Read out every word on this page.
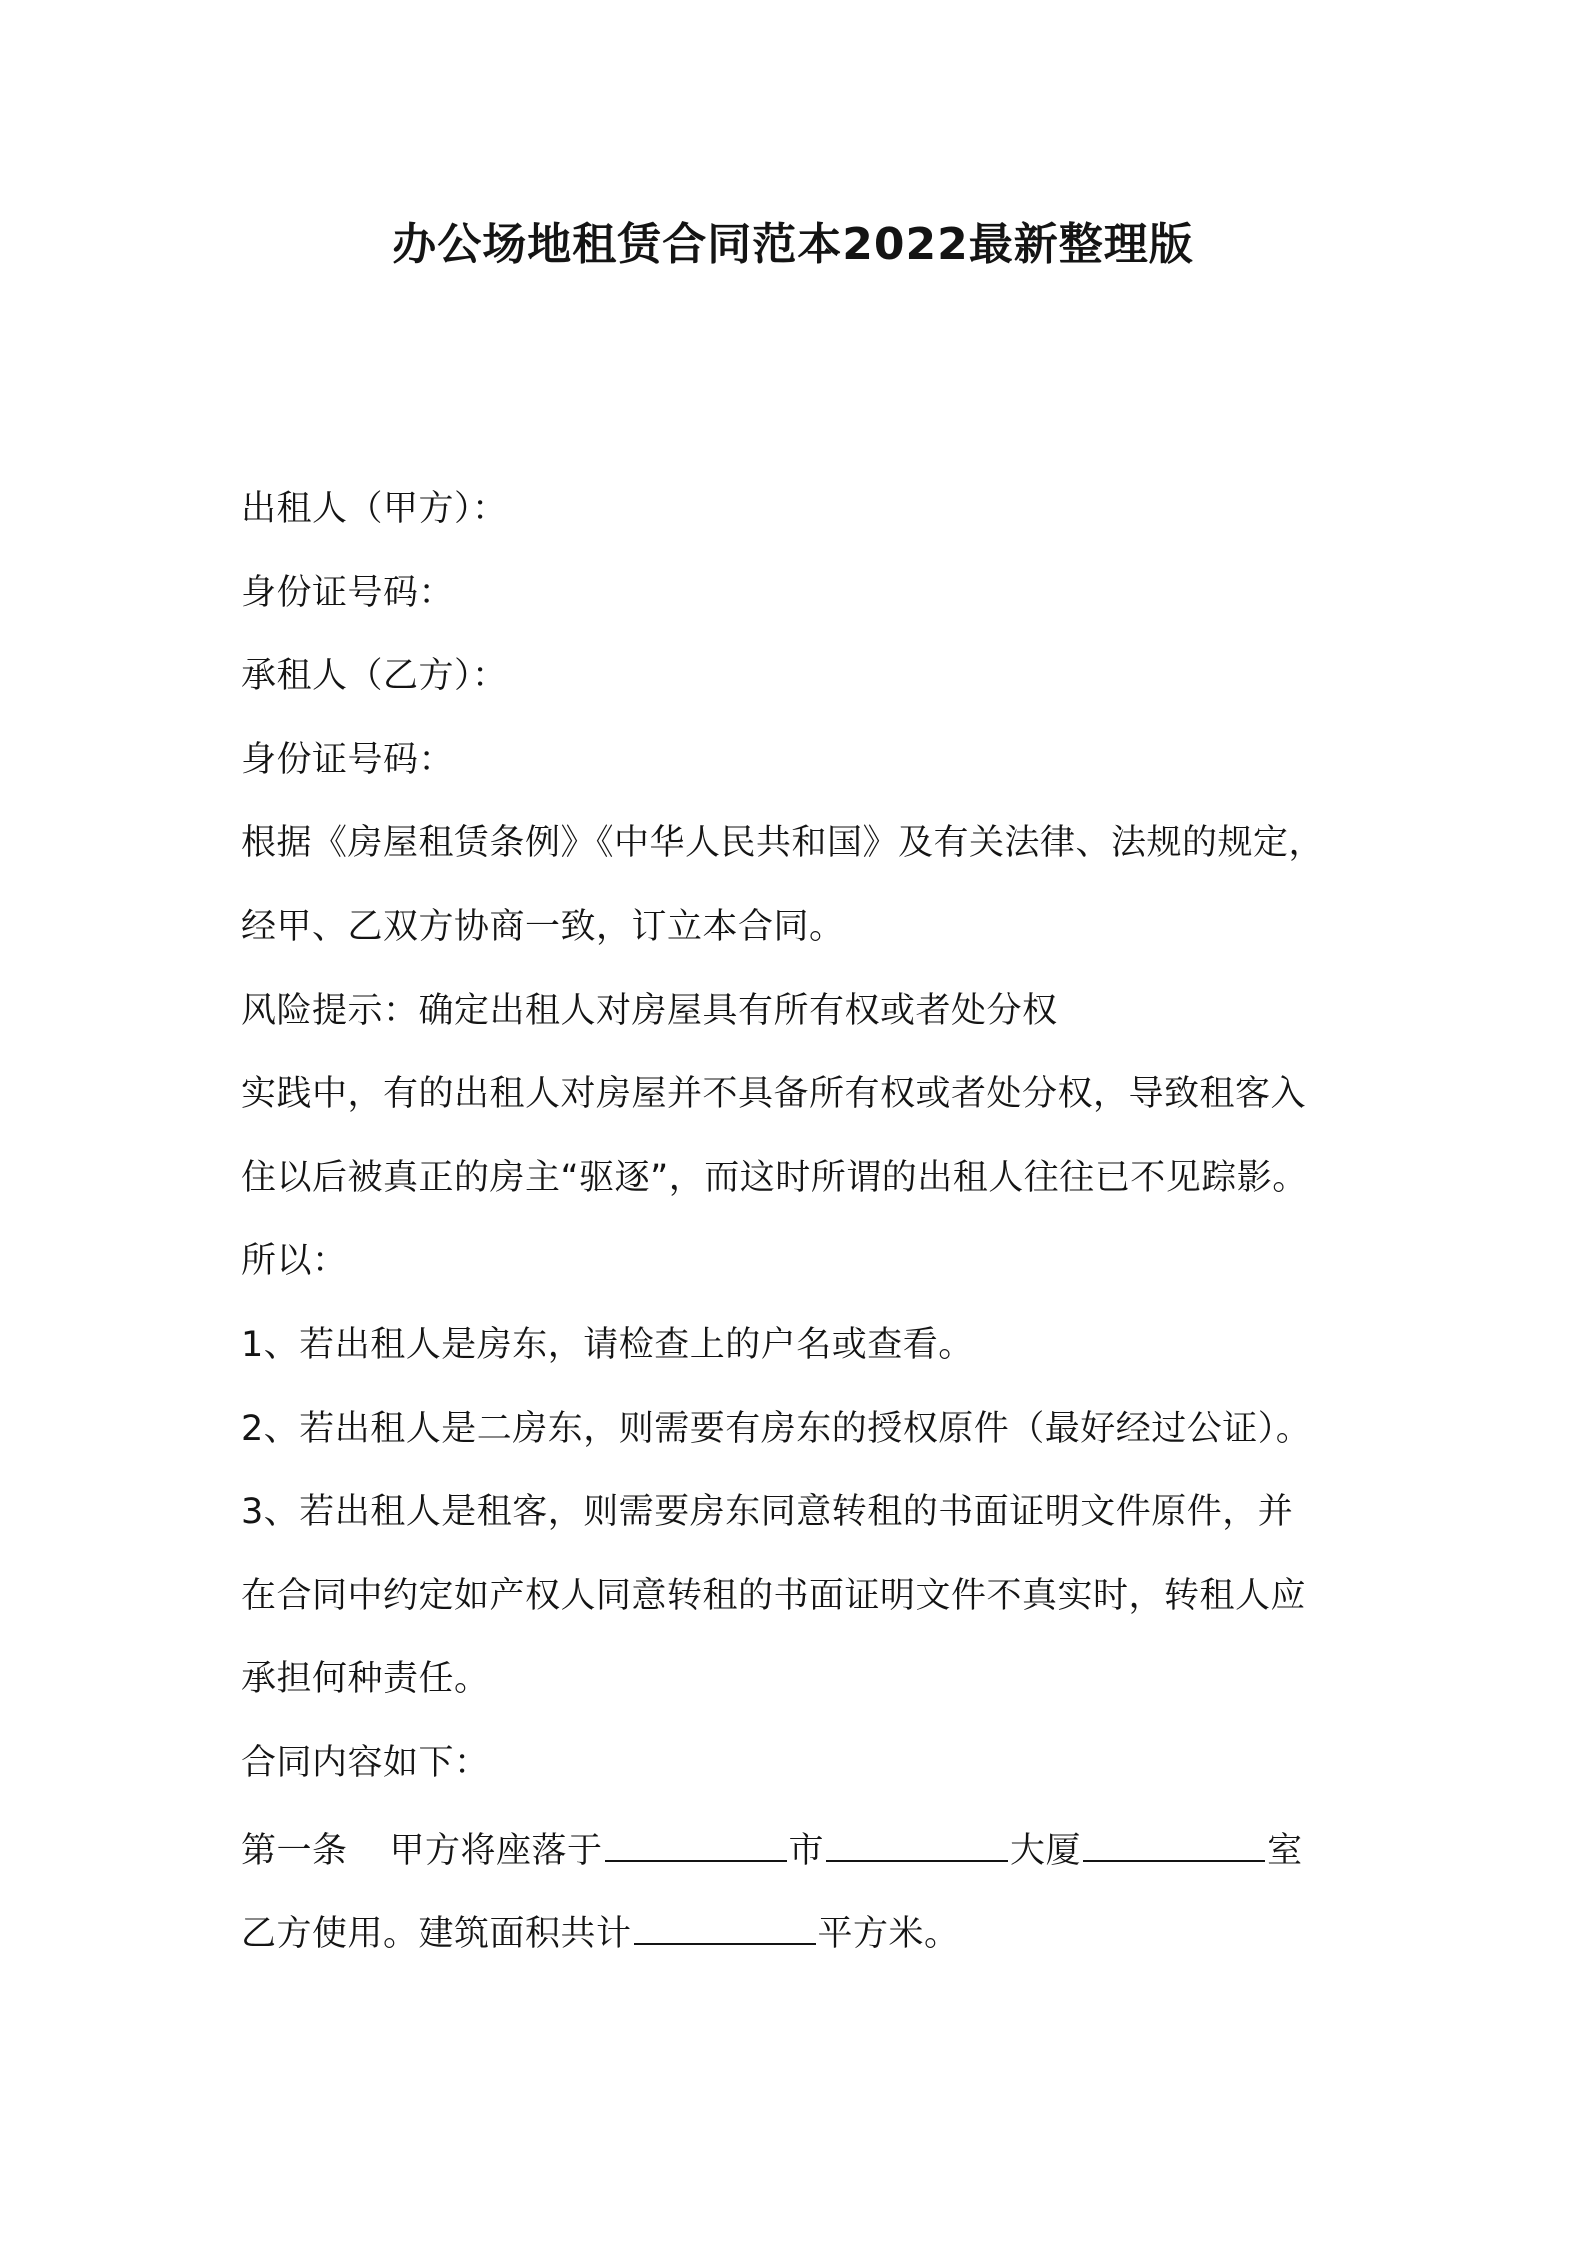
办公场地租赁合同范本2022最新整理版
出租人（甲方）：
身份证号码：
承租人（乙方）：
身份证号码：
根据《房屋租赁条例》《中华人民共和国》及有关法律、法规的规定，
经甲、乙双方协商一致，订立本合同。
风险提示：确定出租人对房屋具有所有权或者处分权
实践中，有的出租人对房屋并不具备所有权或者处分权，导致租客入
住以后被真正的房主“驱逐”，而这时所谓的出租人往往已不见踪影。
所以：
1、若出租人是房东，请检查上的户名或查看。
2、若出租人是二房东，则需要有房东的授权原件（最好经过公证）。
3、若出租人是租客，则需要房东同意转租的书面证明文件原件，并
在合同中约定如产权人同意转租的书面证明文件不真实时，转租人应
承担何种责任。
合同内容如下：
第一条 甲方将座落于	市	大厦	室
乙方使用。建筑面积共计	平方米。
